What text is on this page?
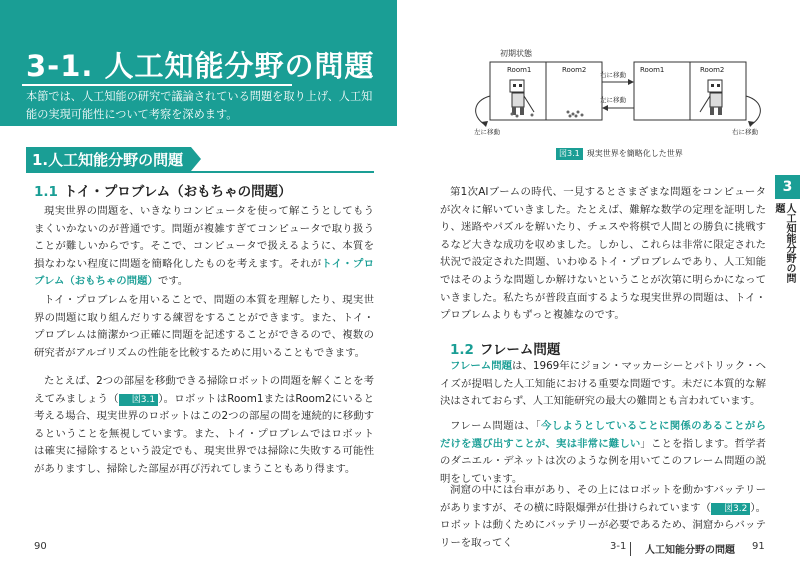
3-1. 人工知能分野の問題
本節では、人工知能の研究で議論されている問題を取り上げ、人工知能の実現可能性について考察を深めます。
1.人工知能分野の問題
1.1 トイ・プロブレム（おもちゃの問題）
現実世界の問題を、いきなりコンピュータを使って解こうとしてもうまくいかないのが普通です。問題が複雑すぎてコンピュータで取り扱うことが難しいからです。そこで、コンピュータで扱えるように、本質を損なわない程度に問題を簡略化したものを考えます。それがトイ・プロブレム（おもちゃの問題）です。
トイ・プロブレムを用いることで、問題の本質を理解したり、現実世界の問題に取り組んだりする練習をすることができます。また、トイ・プロブレムは簡潔かつ正確に問題を記述することができるので、複数の研究者がアルゴリズムの性能を比較するために用いることもできます。
たとえば、2つの部屋を移動できる掃除ロボットの問題を解くことを考えてみましょう（ 図3.1 ）。ロボットはRoom1またはRoom2にいると考える場合、現実世界のロボットはこの2つの部屋の間を連続的に移動するということを無視しています。また、トイ・プロブレムではロボットは確実に掃除するという設定でも、現実世界では掃除に失敗する可能性がありますし、掃除した部屋が再び汚れてしまうこともあり得ます。
90
初期状態
Room1	Room2
右に移動
左に移動
Room1	Room2
左に移動	右に移動
図3.1 現実世界を簡略化した世界
3
人工知能分野の問題
第1次AIブームの時代、一見するとさまざまな問題をコンピュータが次々に解いていきました。たとえば、難解な数学の定理を証明したり、迷路やパズルを解いたり、チェスや将棋で人間との勝負に挑戦するなど大きな成功を収めました。しかし、これらは非常に限定された状況で設定された問題、いわゆるトイ・プロブレムであり、人工知能ではそのような問題しか解けないということが次第に明らかになっていきました。私たちが普段直面するような現実世界の問題は、トイ・プロブレムよりもずっと複雑なのです。
1.2 フレーム問題
フレーム問題は、1969年にジョン・マッカーシーとパトリック・ヘイズが提唱した人工知能における重要な問題です。未だに本質的な解決はされておらず、人工知能研究の最大の難問とも言われています。
フレーム問題は、「今しようとしていることに関係のあることがらだけを選び出すことが、実は非常に難しい」ことを指します。哲学者のダニエル・デネットは次のような例を用いてこのフレーム問題の説明をしています。
洞窟の中には台車があり、その上にはロボットを動かすバッテリーがありますが、その横に時限爆弾が仕掛けられています（ 図3.2 ）。ロボットは動くためにバッテリーが必要であるため、洞窟からバッテリーを取ってく	3-1 人工知能分野の問題 91
